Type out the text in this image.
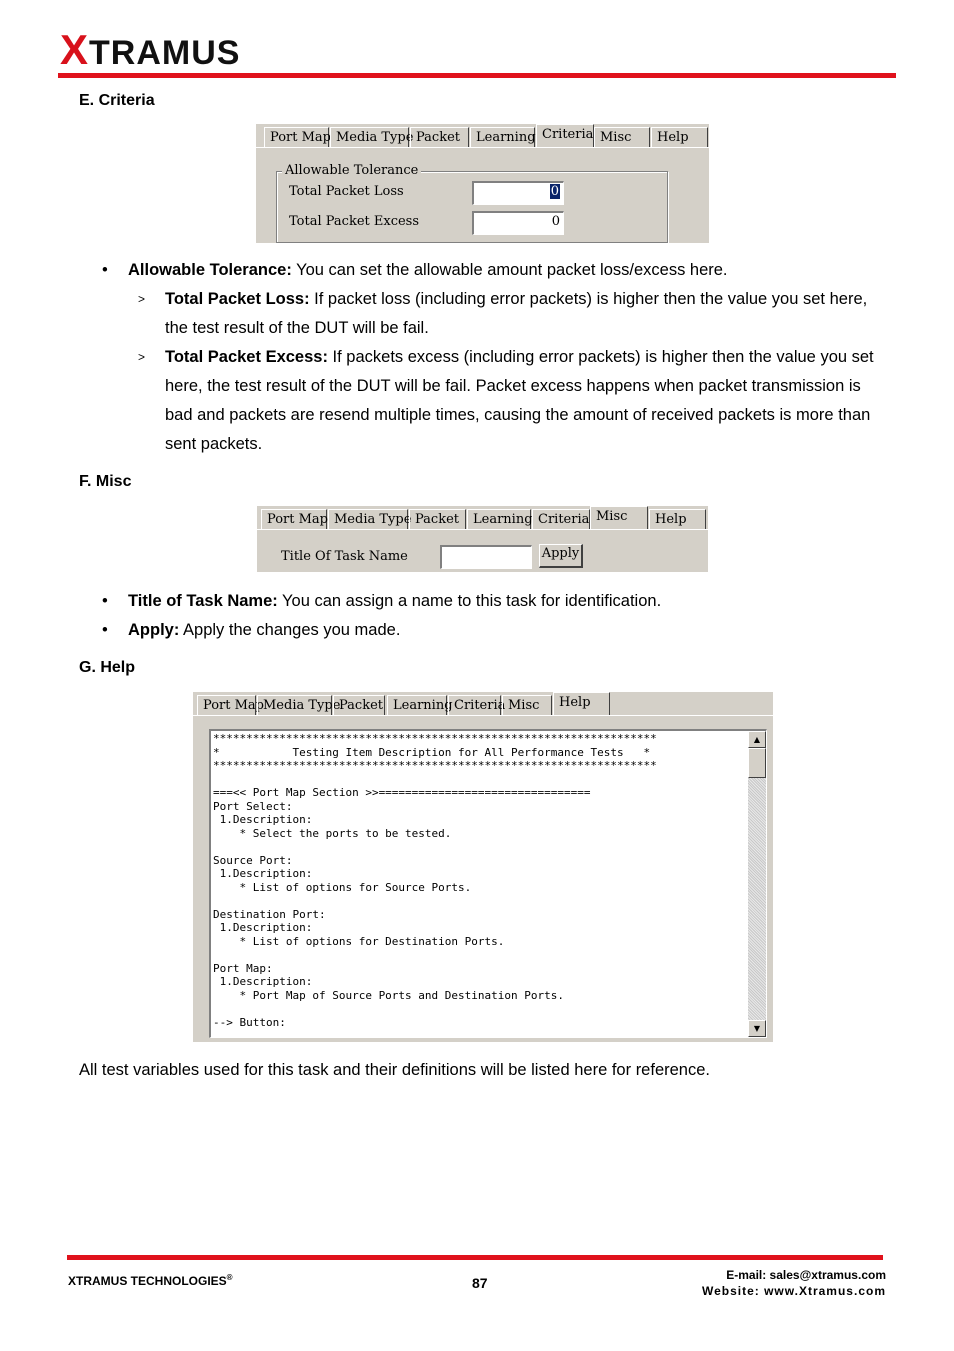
XTRAMUS
E. Criteria
Port Map Media Type Packet	Learning Criteria Misc	Help
Allowable Tolerance
Total Packet Loss	0
Total Packet Excess	0
• Allowable Tolerance: You can set the allowable amount packet loss/excess here.
> Total Packet Loss: If packet loss (including error packets) is higher then the value you set here, the test result of the DUT will be fail.
> Total Packet Excess: If packets excess (including error packets) is higher then the value you set here, the test result of the DUT will be fail. Packet excess happens when packet transmission is bad and packets are resend multiple times, causing the amount of received packets is more than sent packets.
F. Misc
Port Map Media Type Packet	Learning Criteria Misc	Help
Title Of Task Name	Apply
• Title of Task Name: You can assign a name to this task for identification.
• Apply: Apply the changes you made.
G. Help
Port Map
Media Type
Packet Learning Criteria Misc	Help
*******************************************************************
*           Testing Item Description for All Performance Tests   *
*******************************************************************

===<< Port Map Section >>================================
Port Select:
1.Description:
* Select the ports to be tested.

Source Port:
1.Description:
* List of options for Source Ports.

Destination Port:
1.Description:
* List of options for Destination Ports.

Port Map:
1.Description:
* Port Map of Source Ports and Destination Ports.

--> Button:
▲
▼
All test variables used for this task and their definitions will be listed here for reference.
XTRAMUS TECHNOLOGIES®	87	E-mail: sales@xtramus.com
Website: www.Xtramus.com
